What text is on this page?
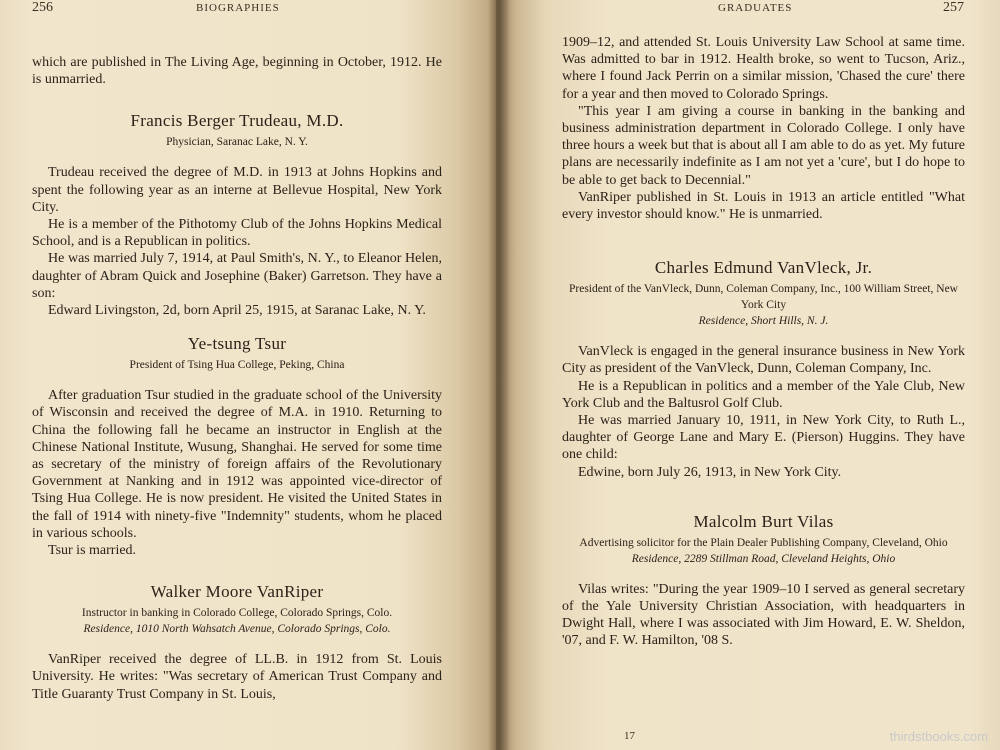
256	BIOGRAPHIES

which are published in The Living Age, beginning in October, 1912. He is unmarried.

Francis Berger Trudeau, M.D.
Physician, Saranac Lake, N. Y.

Trudeau received the degree of M.D. in 1913 at Johns Hopkins and spent the following year as an interne at Bellevue Hospital, New York City.

He is a member of the Pithotomy Club of the Johns Hopkins Medical School, and is a Republican in politics.

He was married July 7, 1914, at Paul Smith's, N. Y., to Eleanor Helen, daughter of Abram Quick and Josephine (Baker) Garretson. They have a son:

Edward Livingston, 2d, born April 25, 1915, at Saranac Lake, N. Y.

Ye-tsung Tsur
President of Tsing Hua College, Peking, China

After graduation Tsur studied in the graduate school of the University of Wisconsin and received the degree of M.A. in 1910. Returning to China the following fall he became an instructor in English at the Chinese National Institute, Wusung, Shanghai. He served for some time as secretary of the ministry of foreign affairs of the Revolutionary Government at Nanking and in 1912 was appointed vice-director of Tsing Hua College. He is now president. He visited the United States in the fall of 1914 with ninety-five "Indemnity" students, whom he placed in various schools.

Tsur is married.

Walker Moore VanRiper
Instructor in banking in Colorado College, Colorado Springs, Colo.
Residence, 1010 North Wahsatch Avenue, Colorado Springs, Colo.

VanRiper received the degree of LL.B. in 1912 from St. Louis University. He writes: "Was secretary of American Trust Company and Title Guaranty Trust Company in St. Louis,

GRADUATES	257

1909–12, and attended St. Louis University Law School at same time. Was admitted to bar in 1912. Health broke, so went to Tucson, Ariz., where I found Jack Perrin on a similar mission, 'Chased the cure' there for a year and then moved to Colorado Springs.

"This year I am giving a course in banking in the banking and business administration department in Colorado College. I only have three hours a week but that is about all I am able to do as yet. My future plans are necessarily indefinite as I am not yet a 'cure', but I do hope to be able to get back to Decennial."

VanRiper published in St. Louis in 1913 an article entitled "What every investor should know." He is unmarried.

Charles Edmund VanVleck, Jr.
President of the VanVleck, Dunn, Coleman Company, Inc., 100 William Street, New York City
Residence, Short Hills, N. J.

VanVleck is engaged in the general insurance business in New York City as president of the VanVleck, Dunn, Coleman Company, Inc.

He is a Republican in politics and a member of the Yale Club, New York Club and the Baltusrol Golf Club.

He was married January 10, 1911, in New York City, to Ruth L., daughter of George Lane and Mary E. (Pierson) Huggins. They have one child:

Edwine, born July 26, 1913, in New York City.

Malcolm Burt Vilas
Advertising solicitor for the Plain Dealer Publishing Company, Cleveland, Ohio
Residence, 2289 Stillman Road, Cleveland Heights, Ohio

Vilas writes: "During the year 1909–10 I served as general secretary of the Yale University Christian Association, with headquarters in Dwight Hall, where I was associated with Jim Howard, E. W. Sheldon, '07, and F. W. Hamilton, '08 S.

17	thirdstbooks.com
